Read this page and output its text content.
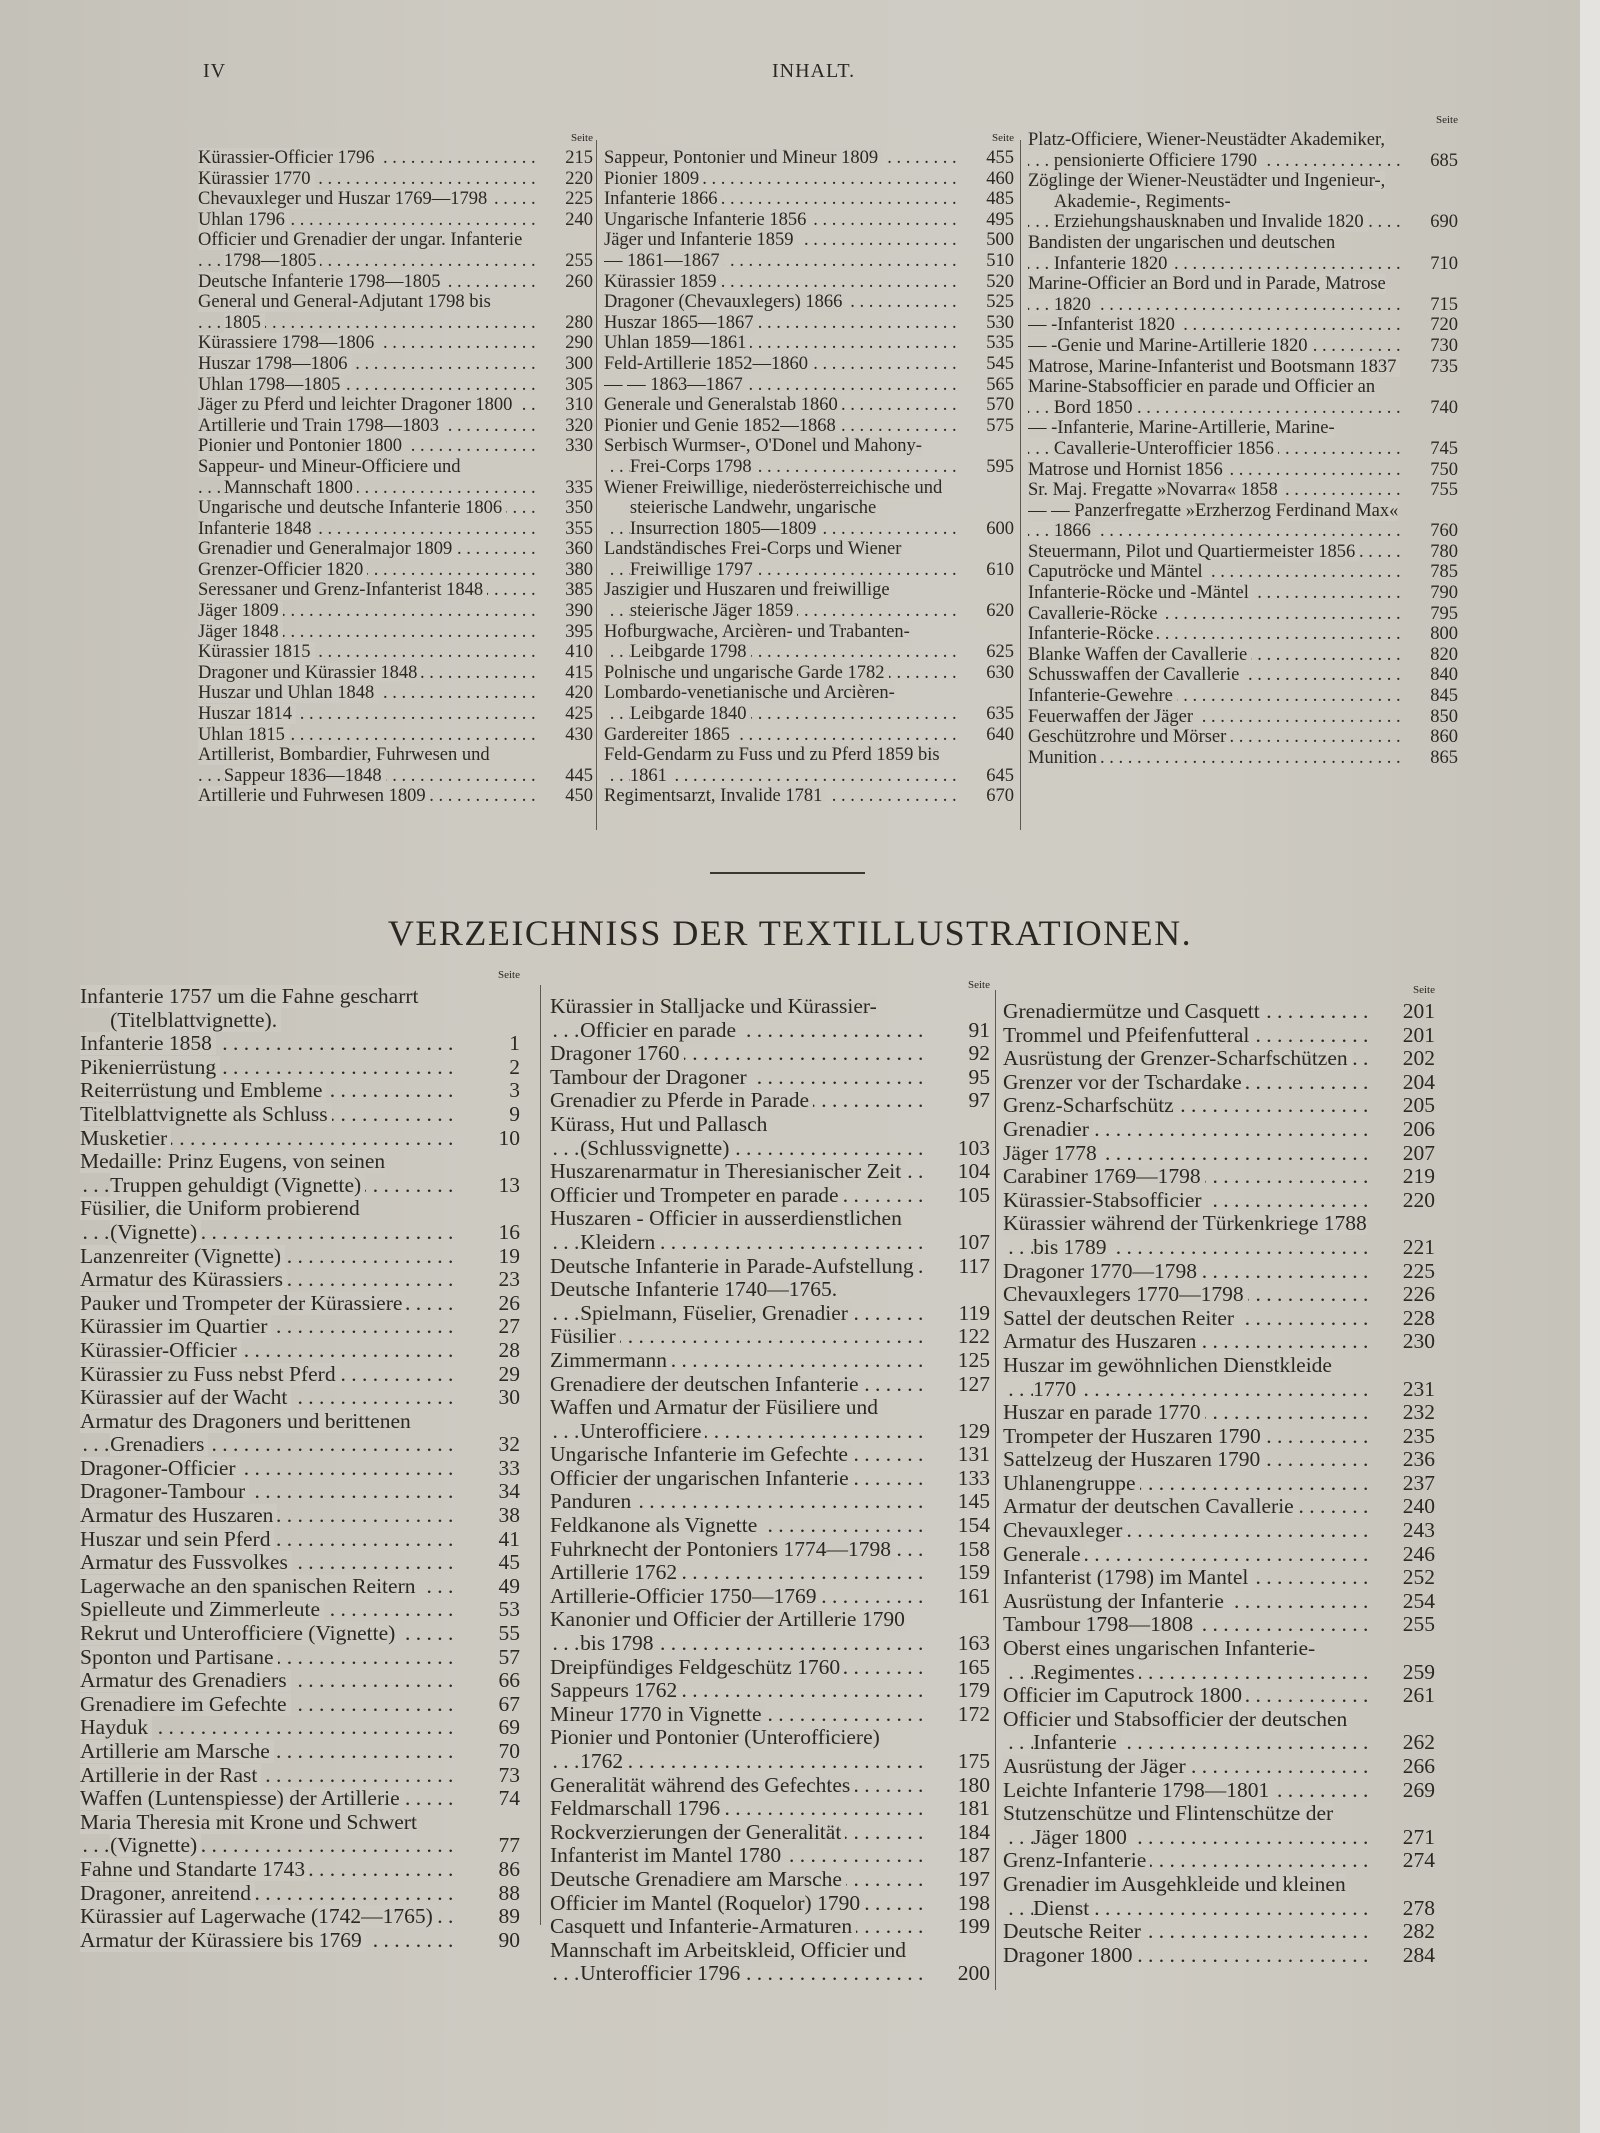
IV	INHALT.
Seite
Kürassier-Officier 1796	215
. . .
Kürassier 1770	220
. . .
Chevauxleger und Huszar 1769—1798	225
. . .
Uhlan 1796	240
. . .
Officier und Grenadier der ungar. Infanterie 1798—1805	255
. . .
Deutsche Infanterie 1798—1805	260
. . .
General und General-Adjutant 1798 bis 1805	280
. . .
Kürassiere 1798—1806	290
. . .
Huszar 1798—1806	300
. . .
Uhlan 1798—1805	305
. . .
Jäger zu Pferd und leichter Dragoner 1800	310
. . .
Artillerie und Train 1798—1803	320
. . .
Pionier und Pontonier 1800	330
. . .
Sappeur- und Mineur-Officiere und Mannschaft 1800	335
. . .
Ungarische und deutsche Infanterie 1806	350
. . .
Infanterie 1848	355
. . .
Grenadier und Generalmajor 1809	360
. . .
Grenzer-Officier 1820	380
. . .
Seressaner und Grenz-Infanterist 1848	385
. . .
Jäger 1809	390
. . .
Jäger 1848	395
. . .
Kürassier 1815	410
. . .
Dragoner und Kürassier 1848	415
. . .
Huszar und Uhlan 1848	420
. . .
Huszar 1814	425
. . .
Uhlan 1815	430
. . .
Artillerist, Bombardier, Fuhrwesen und Sappeur 1836—1848	445
. . .
Artillerie und Fuhrwesen 1809	450
. . .
Seite
Sappeur, Pontonier und Mineur 1809	455
. . .
Pionier 1809	460
. . .
Infanterie 1866	485
. . .
Ungarische Infanterie 1856	495
. . .
Jäger und Infanterie 1859	500
. . .
— 1861—1867	510
. . .
Kürassier 1859	520
. . .
Dragoner (Chevauxlegers) 1866	525
. . .
Huszar 1865—1867	530
. . .
Uhlan 1859—1861	535
. . .
Feld-Artillerie 1852—1860	545
. . .
— — 1863—1867	565
. . .
Generale und Generalstab 1860	570
. . .
Pionier und Genie 1852—1868	575
. . .
Serbisch Wurmser-, O'Donel und Mahony-Frei-Corps 1798	595
. . .
Wiener Freiwillige, niederösterreichische und steierische Landwehr, ungarische Insurrection 1805—1809	600
. . .
Landständisches Frei-Corps und Wiener Freiwillige 1797	610
. . .
Jaszigier und Huszaren und freiwillige steierische Jäger 1859	620
. . .
Hofburgwache, Arcièren- und Trabanten-Leibgarde 1798	625
. . .
Polnische und ungarische Garde 1782	630
. . .
Lombardo-venetianische und Arcièren-Leibgarde 1840	635
. . .
Gardereiter 1865	640
. . .
Feld-Gendarm zu Fuss und zu Pferd 1859 bis 1861	645
. . .
Regimentsarzt, Invalide 1781	670
. . .
Seite
Platz-Officiere, Wiener-Neustädter Akademiker, pensionierte Officiere 1790	685
. . .
Zöglinge der Wiener-Neustädter und Ingenieur-, Akademie-, Regiments-Erziehungshausknaben und Invalide 1820	690
. . .
Bandisten der ungarischen und deutschen Infanterie 1820	710
. . .
Marine-Officier an Bord und in Parade, Matrose 1820	715
. . .
— -Infanterist 1820	720
. . .
— -Genie und Marine-Artillerie 1820	730
. . .
Matrose, Marine-Infanterist und Bootsmann 1837	735
. . .
Marine-Stabsofficier en parade und Officier an Bord 1850	740
. . .
— -Infanterie, Marine-Artillerie, Marine-Cavallerie-Unterofficier 1856	745
. . .
Matrose und Hornist 1856	750
. . .
Sr. Maj. Fregatte »Novarra« 1858	755
. . .
— — Panzerfregatte »Erzherzog Ferdinand Max« 1866	760
. . .
Steuermann, Pilot und Quartiermeister 1856	780
. . .
Caputröcke und Mäntel	785
. . .
Infanterie-Röcke und -Mäntel	790
. . .
Cavallerie-Röcke	795
. . .
Infanterie-Röcke	800
. . .
Blanke Waffen der Cavallerie	820
. . .
Schusswaffen der Cavallerie	840
. . .
Infanterie-Gewehre	845
. . .
Feuerwaffen der Jäger	850
. . .
Geschützrohre und Mörser	860
. . .
Munition	865
. . .
VERZEICHNISS DER TEXTILLUSTRATIONEN.
Seite
Infanterie 1757 um die Fahne gescharrt (Titelblattvignette).
Infanterie 1858	1
. . .
Pikenierrüstung	2
. . .
Reiterrüstung und Embleme	3
. . .
Titelblattvignette als Schluss	9
. . .
Musketier	10
. . .
Medaille: Prinz Eugens, von seinen Truppen gehuldigt (Vignette)	13
. . .
Füsilier, die Uniform probierend (Vignette)	16
. . .
Lanzenreiter (Vignette)	19
. . .
Armatur des Kürassiers	23
. . .
Pauker und Trompeter der Kürassiere	26
. . .
Kürassier im Quartier	27
. . .
Kürassier-Officier	28
. . .
Kürassier zu Fuss nebst Pferd	29
. . .
Kürassier auf der Wacht	30
. . .
Armatur des Dragoners und berittenen Grenadiers	32
. . .
Dragoner-Officier	33
. . .
Dragoner-Tambour	34
. . .
Armatur des Huszaren	38
. . .
Huszar und sein Pferd	41
. . .
Armatur des Fussvolkes	45
. . .
Lagerwache an den spanischen Reitern	49
. . .
Spielleute und Zimmerleute	53
. . .
Rekrut und Unterofficiere (Vignette)	55
. . .
Sponton und Partisane	57
. . .
Armatur des Grenadiers	66
. . .
Grenadiere im Gefechte	67
. . .
Hayduk	69
. . .
Artillerie am Marsche	70
. . .
Artillerie in der Rast	73
. . .
Waffen (Luntenspiesse) der Artillerie	74
. . .
Maria Theresia mit Krone und Schwert (Vignette)	77
. . .
Fahne und Standarte 1743	86
. . .
Dragoner, anreitend	88
. . .
Kürassier auf Lagerwache (1742—1765)	89
. . .
Armatur der Kürassiere bis 1769	90
. . .
Seite
Kürassier in Stalljacke und Kürassier-Officier en parade	91
. . .
Dragoner 1760	92
. . .
Tambour der Dragoner	95
. . .
Grenadier zu Pferde in Parade	97
. . .
Kürass, Hut und Pallasch (Schlussvignette)	103
. . .
Huszarenarmatur in Theresianischer Zeit	104
. . .
Officier und Trompeter en parade	105
. . .
Huszaren - Officier in ausserdienstlichen Kleidern	107
. . .
Deutsche Infanterie in Parade-Aufstellung	117
. . .
Deutsche Infanterie 1740—1765. Spielmann, Füselier, Grenadier	119
. . .
Füsilier	122
. . .
Zimmermann	125
. . .
Grenadiere der deutschen Infanterie	127
. . .
Waffen und Armatur der Füsiliere und Unterofficiere	129
. . .
Ungarische Infanterie im Gefechte	131
. . .
Officier der ungarischen Infanterie	133
. . .
Panduren	145
. . .
Feldkanone als Vignette	154
. . .
Fuhrknecht der Pontoniers 1774—1798	158
. . .
Artillerie 1762	159
. . .
Artillerie-Officier 1750—1769	161
. . .
Kanonier und Officier der Artillerie 1790 bis 1798	163
. . .
Dreipfündiges Feldgeschütz 1760	165
. . .
Sappeurs 1762	179
. . .
Mineur 1770 in Vignette	172
. . .
Pionier und Pontonier (Unterofficiere) 1762	175
. . .
Generalität während des Gefechtes	180
. . .
Feldmarschall 1796	181
. . .
Rockverzierungen der Generalität	184
. . .
Infanterist im Mantel 1780	187
. . .
Deutsche Grenadiere am Marsche	197
. . .
Officier im Mantel (Roquelor) 1790	198
. . .
Casquett und Infanterie-Armaturen	199
. . .
Mannschaft im Arbeitskleid, Officier und Unterofficier 1796	200
. . .
Seite
Grenadiermütze und Casquett	201
. . .
Trommel und Pfeifenfutteral	201
. . .
Ausrüstung der Grenzer-Scharfschützen	202
. . .
Grenzer vor der Tschardake	204
. . .
Grenz-Scharfschütz	205
. . .
Grenadier	206
. . .
Jäger 1778	207
. . .
Carabiner 1769—1798	219
. . .
Kürassier-Stabsofficier	220
. . .
Kürassier während der Türkenkriege 1788 bis 1789	221
. . .
Dragoner 1770—1798	225
. . .
Chevauxlegers 1770—1798	226
. . .
Sattel der deutschen Reiter	228
. . .
Armatur des Huszaren	230
. . .
Huszar im gewöhnlichen Dienstkleide 1770	231
. . .
Huszar en parade 1770	232
. . .
Trompeter der Huszaren 1790	235
. . .
Sattelzeug der Huszaren 1790	236
. . .
Uhlanengruppe	237
. . .
Armatur der deutschen Cavallerie	240
. . .
Chevauxleger	243
. . .
Generale	246
. . .
Infanterist (1798) im Mantel	252
. . .
Ausrüstung der Infanterie	254
. . .
Tambour 1798—1808	255
. . .
Oberst eines ungarischen Infanterie-Regimentes	259
. . .
Officier im Caputrock 1800	261
. . .
Officier und Stabsofficier der deutschen Infanterie	262
. . .
Ausrüstung der Jäger	266
. . .
Leichte Infanterie 1798—1801	269
. . .
Stutzenschütze und Flintenschütze der Jäger 1800	271
. . .
Grenz-Infanterie	274
. . .
Grenadier im Ausgehkleide und kleinen Dienst	278
. . .
Deutsche Reiter	282
. . .
Dragoner 1800	284
. . .
